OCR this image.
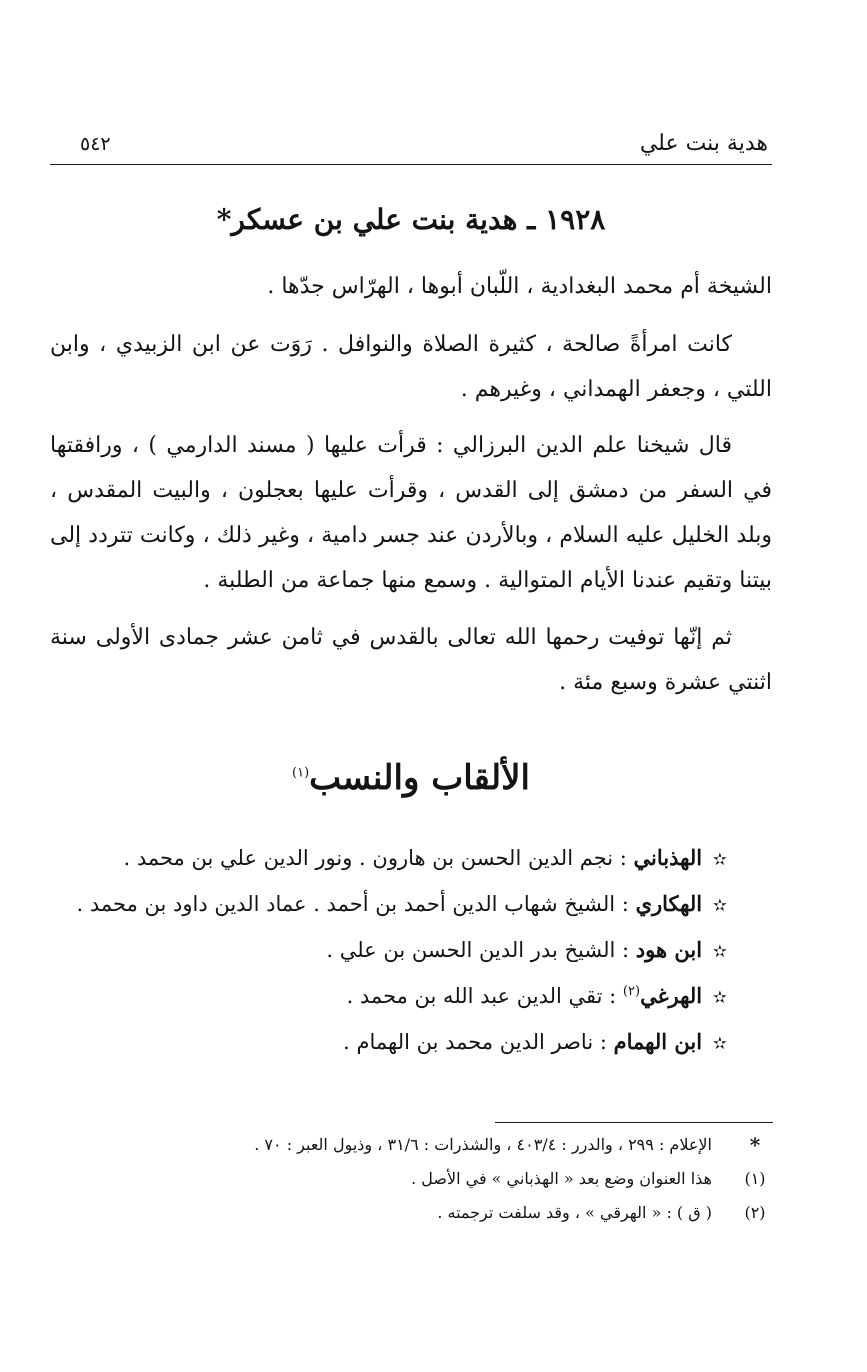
هدية بنت علي
٥٤٢
١٩٢٨ ـ هدية بنت علي بن عسكر*

الشيخة أم محمد البغدادية ، اللّبان أبوها ، الهرّاس جدّها .

كانت امرأةً صالحة ، كثيرة الصلاة والنوافل . رَوَت عن ابن الزبيدي ، وابن اللتي ، وجعفر الهمداني ، وغيرهم .

قال شيخنا علم الدين البرزالي : قرأت عليها ( مسند الدارمي ) ، ورافقتها في السفر من دمشق إلى القدس ، وقرأت عليها بعجلون ، والبيت المقدس ، وبلد الخليل عليه السلام ، وبالأردن عند جسر دامية ، وغير ذلك ، وكانت تتردد إلى بيتنا وتقيم عندنا الأيام المتوالية . وسمع منها جماعة من الطلبة .

ثم إنّها توفيت رحمها الله تعالى بالقدس في ثامن عشر جمادى الأولى سنة اثنتي عشرة وسبع مئة .

الألقاب والنسب$^{(١)}$
✫ الهذباني : نجم الدين الحسن بن هارون . ونور الدين علي بن محمد .
✫ الهكاري : الشيخ شهاب الدين أحمد بن أحمد . عماد الدين داود بن محمد .
✫ ابن هود : الشيخ بدر الدين الحسن بن علي .
✫ الهرغي$^{(٢)}$ : تقي الدين عبد الله بن محمد .
✫ ابن الهمام : ناصر الدين محمد بن الهمام .
*
الإعلام : ٢٩٩ ، والدرر : ٤٠٣/٤ ، والشذرات : ٣١/٦ ، وذيول العبر : ٧٠ .
(١)
هذا العنوان وضع بعد « الهذباني » في الأصل .
(٢)
( ق ) : « الهرقي » ، وقد سلفت ترجمته .
